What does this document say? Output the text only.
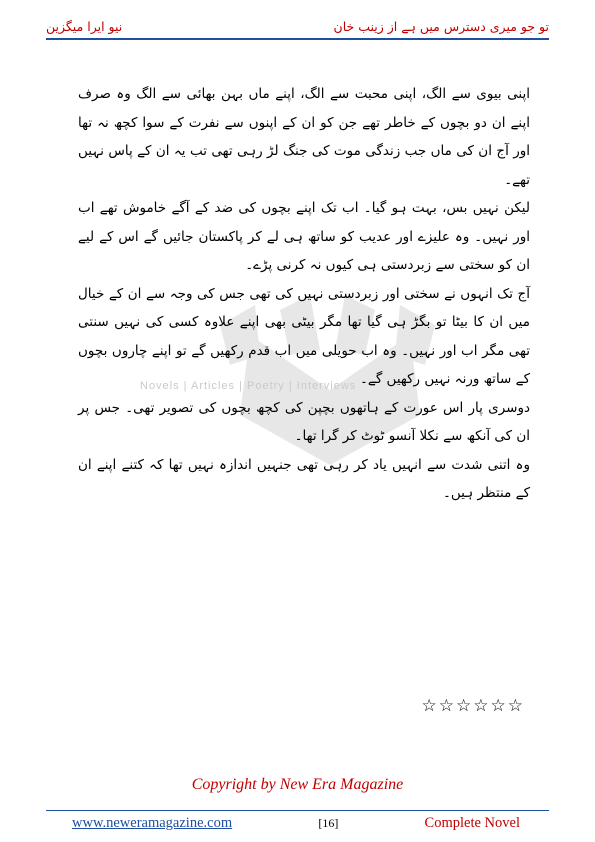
نیو ایرا میگزین	تو جو میری دسترس میں ہے از زینب خان
Novels | Articles | Poetry | Interviews

اپنی بیوی سے الگ، اپنی محبت سے الگ، اپنے ماں بہن بھائی سے الگ وہ صرف اپنے ان دو بچوں کے خاطر تھے جن کو ان کے اپنوں سے نفرت کے سوا کچھ نہ تھا اور آج ان کی ماں جب زندگی موت کی جنگ لڑ رہی تھی تب یہ ان کے پاس نہیں تھے۔

لیکن نہیں بس، بہت ہو گیا۔ اب تک اپنے بچوں کی ضد کے آگے خاموش تھے اب اور نہیں۔ وہ علیزے اور عدیب کو ساتھ ہی لے کر پاکستان جائیں گے اس کے لیے ان کو سختی سے زبردستی ہی کیوں نہ کرنی پڑے۔

آج تک انہوں نے سختی اور زبردستی نہیں کی تھی جس کی وجہ سے ان کے خیال میں ان کا بیٹا تو بگڑ ہی گیا تھا مگر بیٹی بھی اپنے علاوہ کسی کی نہیں سنتی تھی مگر اب اور نہیں۔ وہ اب حویلی میں اب قدم رکھیں گے تو اپنے چاروں بچوں کے ساتھ ورنہ نہیں رکھیں گے۔

دوسری پار اس عورت کے ہاتھوں بچپن کی کچھ بچوں کی تصویر تھی۔ جس پر ان کی آنکھ سے نکلا آنسو ٹوٹ کر گرا تھا۔

وہ اتنی شدت سے انہیں یاد کر رہی تھی جنہیں اندازہ نہیں تھا کہ کتنے اپنے ان کے منتظر ہیں۔

☆☆☆☆☆☆
Copyright by New Era Magazine
www.neweramagazine.com	[16]	Complete Novel
